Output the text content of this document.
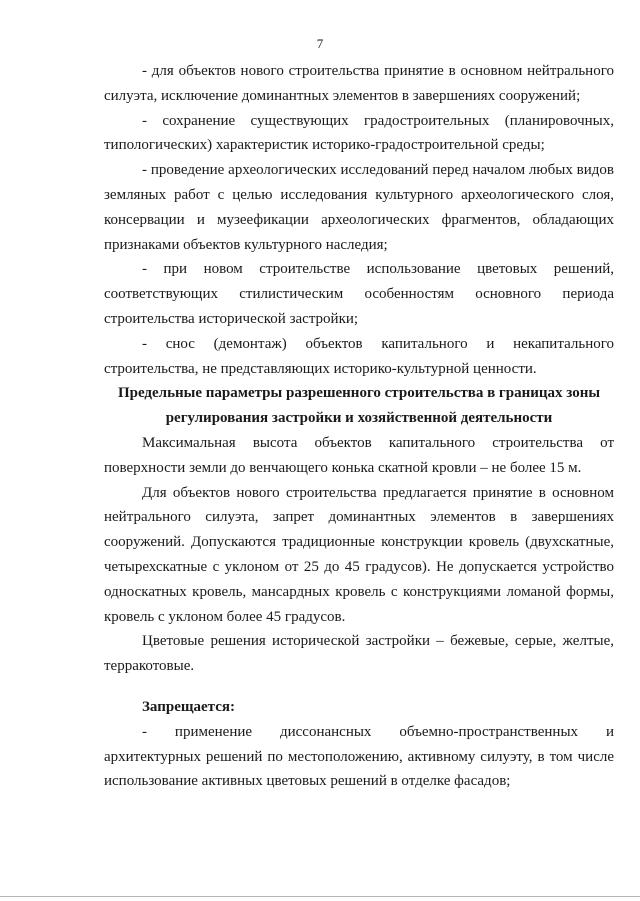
7

- для объектов нового строительства принятие в основном нейтрального силуэта, исключение доминантных элементов в завершениях сооружений;

- сохранение существующих градостроительных (планировочных, типологических) характеристик историко-градостроительной среды;

- проведение археологических исследований перед началом любых видов земляных работ с целью исследования культурного археологического слоя, консервации и музеефикации археологических фрагментов, обладающих признаками объектов культурного наследия;

- при новом строительстве использование цветовых решений, соответствующих стилистическим особенностям основного периода строительства исторической застройки;

- снос (демонтаж) объектов капитального и некапитального строительства, не представляющих историко-культурной ценности.

Предельные параметры разрешенного строительства в границах зоны регулирования застройки и хозяйственной деятельности

Максимальная высота объектов капитального строительства от поверхности земли до венчающего конька скатной кровли – не более 15 м.

Для объектов нового строительства предлагается принятие в основном нейтрального силуэта, запрет доминантных элементов в завершениях сооружений. Допускаются традиционные конструкции кровель (двухскатные, четырехскатные с уклоном от 25 до 45 градусов). Не допускается устройство односкатных кровель, мансардных кровель с конструкциями ломаной формы, кровель с уклоном более 45 градусов.

Цветовые решения исторической застройки – бежевые, серые, желтые, терракотовые.

Запрещается:

- применение диссонансных объемно-пространственных и архитектурных решений по местоположению, активному силуэту, в том числе использование активных цветовых решений в отделке фасадов;
